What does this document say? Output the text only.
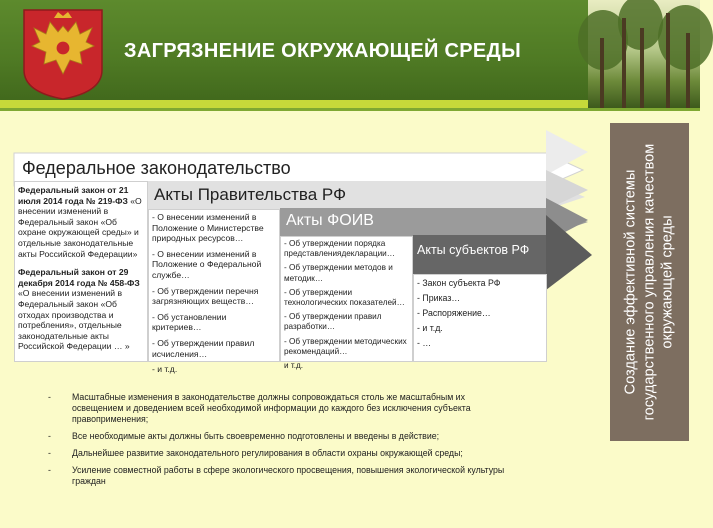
ЗАГРЯЗНЕНИЕ ОКРУЖАЮЩЕЙ СРЕДЫ
Федеральное законодательство
Акты Правительства РФ
Акты ФОИВ
Акты субъектов РФ

Федеральный закон от 21 июля 2014 года № 219-ФЗ «О внесении изменений в Федеральный закон «Об охране окружающей среды» и отдельные законодательные акты Российской Федерации»

Федеральный закон от 29 декабря 2014 года № 458-ФЗ «О внесении изменений в Федеральный закон «Об отходах производства и потребления», отдельные законодательные акты Российской Федерации … »

- О внесении изменений в Положение о Министерстве природных ресурсов…

- О внесении изменений в Положение о Федеральной службе…

- Об утверждении перечня загрязняющих веществ…

- Об установлении критериев…

- Об утверждении правил исчисления…

- и т.д.

- Об утверждении порядка представлениядекларации…

- Об утверждении методов и методик…

- Об утверждении технологических показателей…

- Об утверждении правил разработки…

- Об утверждении методических рекомендаций…

и т.д.

- Закон субъекта РФ

- Приказ…

- Распоряжение…

- и т.д.

- …

- Масштабные изменения в законодательстве должны сопровождаться столь же масштабным их освещением и доведением всей необходимой информации до каждого без исключения субъекта правоприменения;
- Все необходимые акты должны быть своевременно подготовлены и введены в действие;
- Дальнейшее развитие законодательного регулирования в области охраны окружающей среды;
- Усиление совместной работы в сфере экологического просвещения, повышения экологической культуры граждан
Создание эффективной системы государственного управления качеством окружающей среды
